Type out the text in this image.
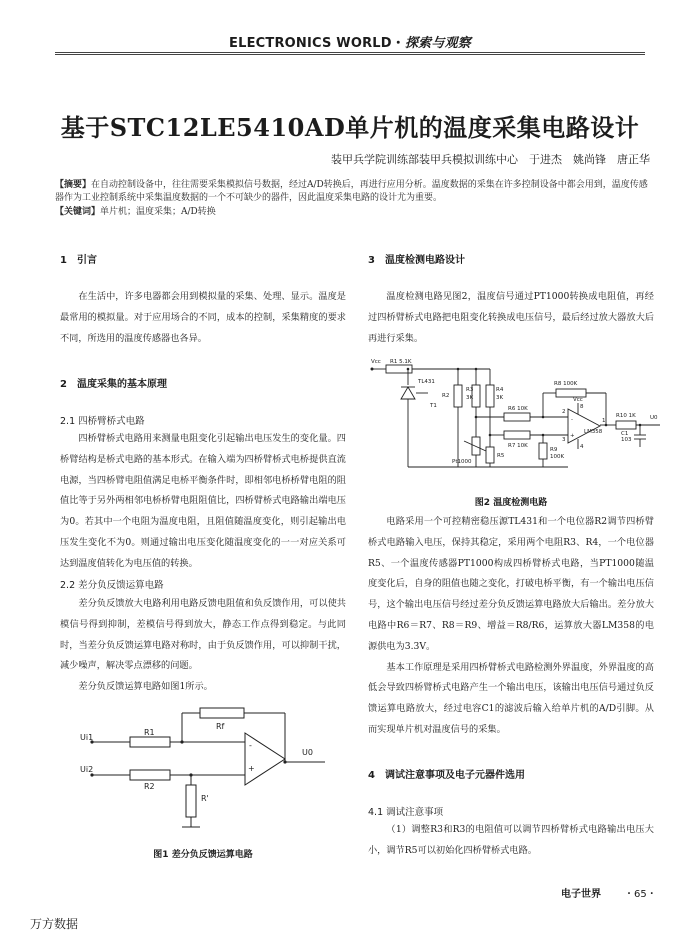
ELECTRONICS WORLD・探索与观察
基于STC12LE5410AD单片机的温度采集电路设计
装甲兵学院训练部装甲兵模拟训练中心　于进杰　姚尚锋　唐正华
【摘要】在自动控制设备中，往往需要采集模拟信号数据，经过A/D转换后，再进行应用分析。温度数据的采集在许多控制设备中都会用到，温度传感器作为工业控制系统中采集温度数据的一个不可缺少的器件，因此温度采集电路的设计尤为重要。
【关键词】单片机；温度采集；A/D转换
1　引言

在生活中，许多电器都会用到模拟量的采集、处理、显示。温度是最常用的模拟量。对于应用场合的不同，成本的控制，采集精度的要求不同，所选用的温度传感器也各异。

2　温度采集的基本原理
2.1 四桥臂桥式电路

四桥臂桥式电路用来测量电阻变化引起输出电压发生的变化量。四桥臂结构是桥式电路的基本形式。在输入端为四桥臂桥式电桥提供直流电源，当四桥臂电阻值满足电桥平衡条件时，即相邻电桥桥臂电阻的阻值比等于另外两相邻电桥桥臂电阻阻值比，四桥臂桥式电路输出端电压为0。若其中一个电阻为温度电阻，且阻值随温度变化，则引起输出电压发生变化不为0。则通过输出电压变化随温度变化的一一对应关系可达到温度值转化为电压值的转换。

2.2 差分负反馈运算电路

差分负反馈放大电路利用电路反馈电阻值和负反馈作用，可以使共模信号得到抑制，差模信号得到放大，静态工作点得到稳定。与此同时，当差分负反馈运算电路对称时，由于负反馈作用，可以抑制干扰，减少噪声，解决零点漂移的问题。

差分负反馈运算电路如图1所示。

Ui1
Ui2
R1
R2
Rf
R'
U0
-
+
图1 差分负反馈运算电路
3　温度检测电路设计

温度检测电路见图2，温度信号通过PT1000转换成电阻值，再经过四桥臂桥式电路把电阻变化转换成电压信号，最后经过放大器放大后再进行采集。

Vcc R1 5.1K
TL431
T1
R2
R3
3K
R4
3K
R6 10K
R7 10K
R8 100K
R9
100K
Vcc
LM358
R10 1K
C1
103
U0
Pt1000
R5
2
3
1
8
4
-
+
图2 温度检测电路

电路采用一个可控精密稳压源TL431和一个电位器R2调节四桥臂桥式电路输入电压，保持其稳定，采用两个电阻R3、R4，一个电位器R5、一个温度传感器PT1000构成四桥臂桥式电路，当PT1000随温度变化后，自身的阻值也随之变化，打破电桥平衡，有一个输出电压信号，这个输出电压信号经过差分负反馈运算电路放大后输出。差分放大电路中R6＝R7、R8＝R9、增益＝R8/R6，运算放大器LM358的电源供电为3.3V。

基本工作原理是采用四桥臂桥式电路检测外界温度，外界温度的高低会导致四桥臂桥式电路产生一个输出电压，该输出电压信号通过负反馈运算电路放大，经过电容C1的滤波后输入给单片机的A/D引脚。从而实现单片机对温度信号的采集。

4　调试注意事项及电子元器件选用
4.1 调试注意事项

（1）调整R3和R3的电阻值可以调节四桥臂桥式电路输出电压大小，调节R5可以初始化四桥臂桥式电路。

电子世界 ・65・
万方数据
